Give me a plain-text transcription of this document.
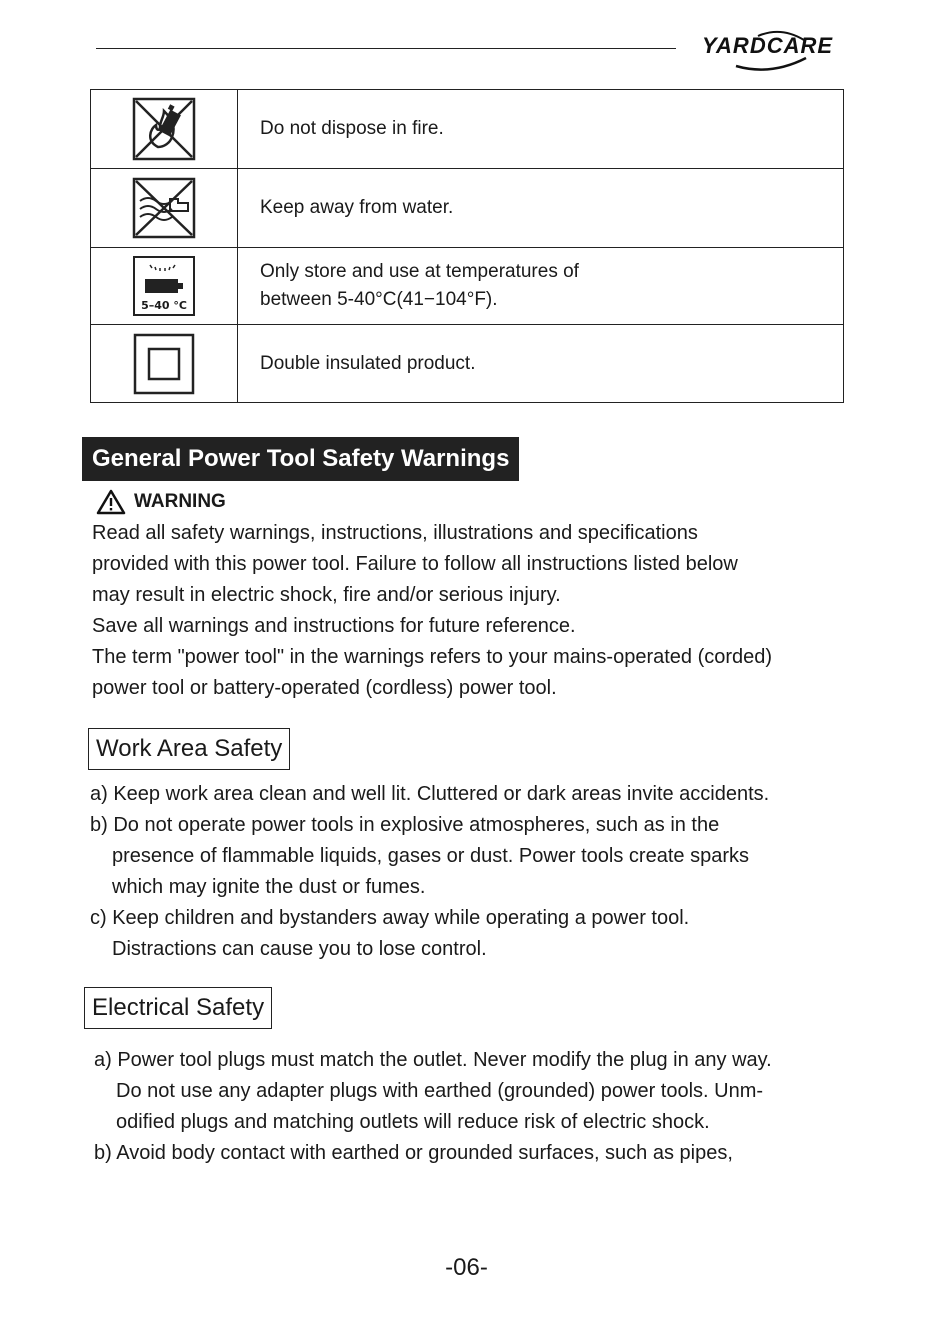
YARDCARE
	Do not dispose in fire.
	Keep away from water.

5–40 °C	Only store and use at temperatures of
between 5-40°C(41−104°F).

	Double insulated product.
General Power Tool Safety Warnings
WARNING

Read all safety warnings, instructions, illustrations and specifications

provided with this power tool. Failure to follow all instructions listed below

may result in electric shock, fire and/or serious injury.

Save all warnings and instructions for future reference.

The term "power tool" in the warnings refers to your mains-operated (corded)

power tool or battery-operated (cordless) power tool.

Work Area Safety

a) Keep work area clean and well lit. Cluttered or dark areas invite accidents.

b) Do not operate power tools in explosive atmospheres, such as in the

presence of flammable liquids, gases or dust. Power tools create sparks

which may ignite the dust or fumes.

c) Keep children and bystanders away while operating a power tool.

Distractions can cause you to lose control.

Electrical Safety

a) Power tool plugs must match the outlet. Never modify the plug in any way.

Do not use any adapter plugs with earthed (grounded) power tools. Unm-

odified plugs and matching outlets will reduce risk of electric shock.

b) Avoid body contact with earthed or grounded surfaces, such as pipes,

-06-
